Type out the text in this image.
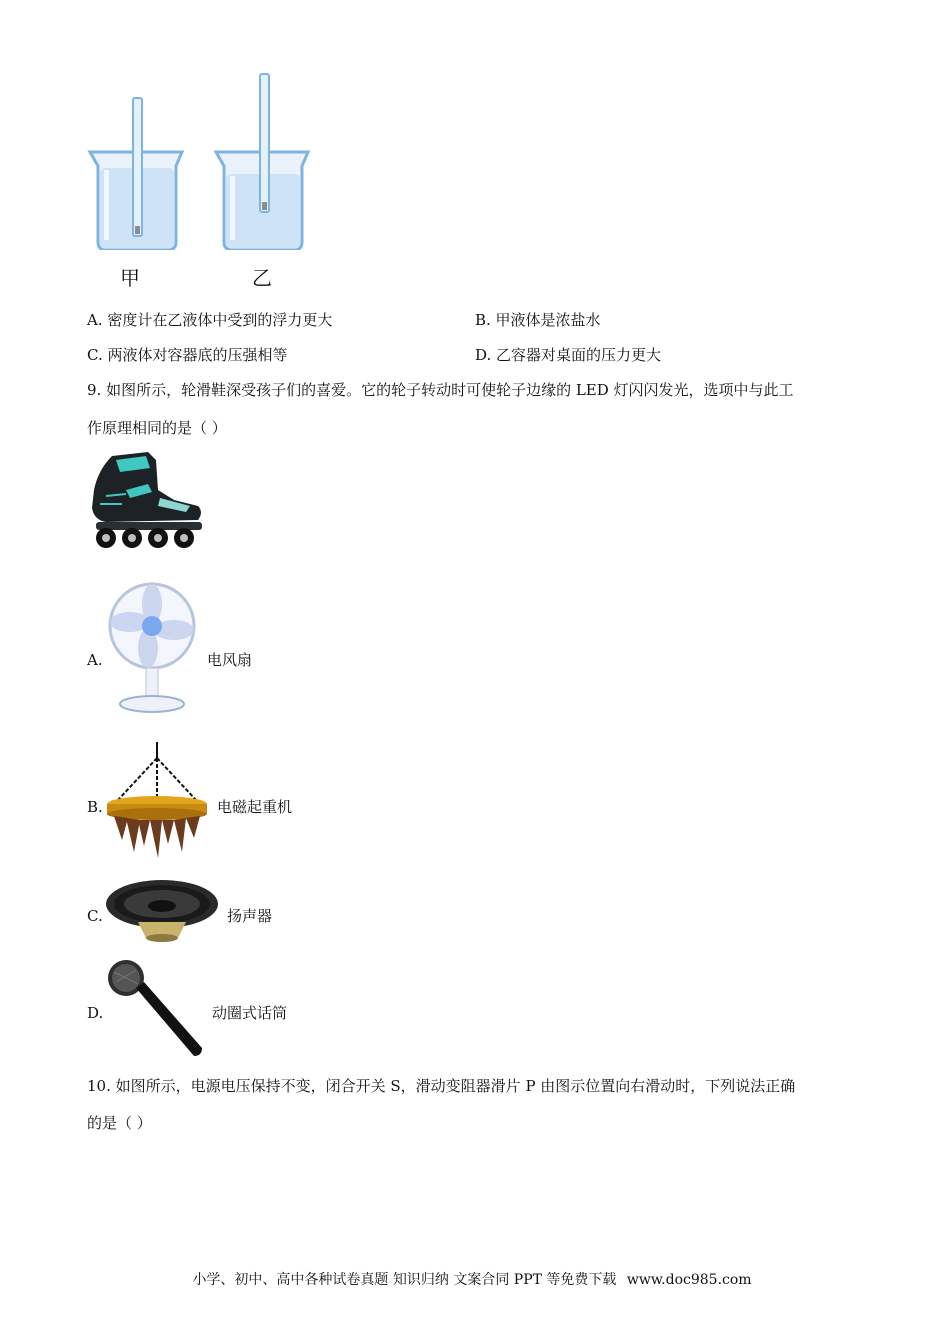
甲	乙
A. 密度计在乙液体中受到的浮力更大	B. 甲液体是浓盐水
C. 两液体对容器底的压强相等	D. 乙容器对桌面的压力更大
9. 如图所示，轮滑鞋深受孩子们的喜爱。它的轮子转动时可使轮子边缘的 LED 灯闪闪发光，选项中与此工
作原理相同的是（ ）
A.	电风扇
B.	电磁起重机
C.	扬声器
D.	动圈式话筒
10. 如图所示，电源电压保持不变，闭合开关 S，滑动变阻器滑片 P 由图示位置向右滑动时，下列说法正确
的是（ ）
小学、初中、高中各种试卷真题 知识归纳 文案合同 PPT 等免费下载 www.doc985.com
